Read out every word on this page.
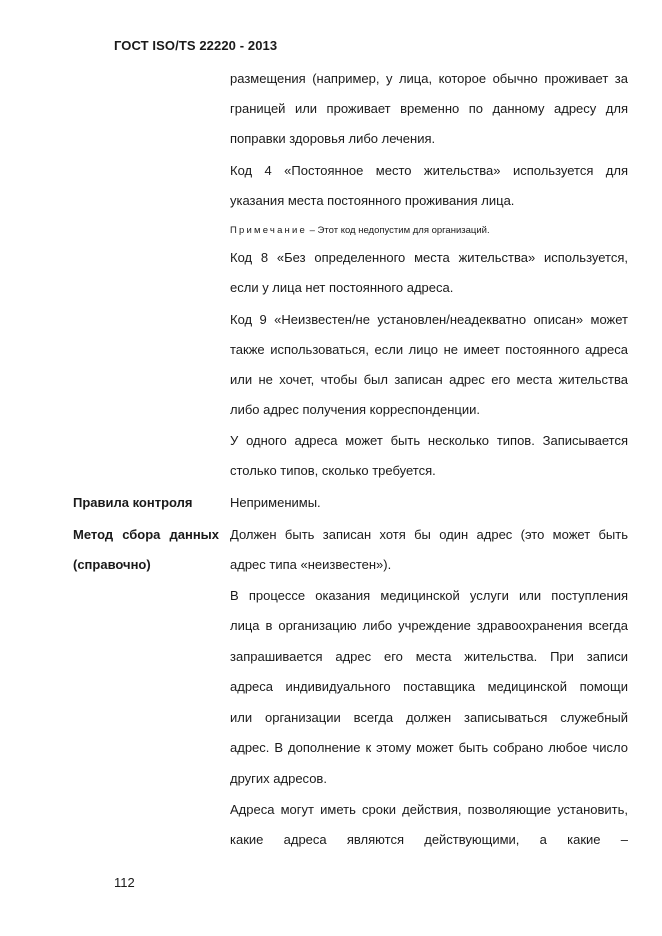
ГОСТ ISO/TS 22220 - 2013
размещения (например, у лица, которое обычно проживает за
границей или проживает временно по данному адресу для
поправки здоровья либо лечения.
Код 4 «Постоянное место жительства» используется для
указания места постоянного проживания лица.
Примечание – Этот код недопустим для организаций.
Код 8 «Без определенного места жительства» используется,
если у лица нет постоянного адреса.
Код 9 «Неизвестен/не установлен/неадекватно описан» может
также использоваться, если лицо не имеет постоянного адреса
или не хочет, чтобы был записан адрес его места жительства
либо адрес получения корреспонденции.
У одного адреса может быть несколько типов. Записывается
столько типов, сколько требуется.
Правила контроля	Неприменимы.
Метод сбора данных Должен быть записан хотя бы один адрес (это может быть
(справочно)	адрес типа «неизвестен»).
В процессе оказания медицинской услуги или поступления
лица в организацию либо учреждение здравоохранения всегда
запрашивается адрес его места жительства. При записи
адреса индивидуального поставщика медицинской помощи
или организации всегда должен записываться служебный
адрес. В дополнение к этому может быть собрано любое число
других адресов.
Адреса могут иметь сроки действия, позволяющие установить,
какие адреса являются действующими, а какие –
112
